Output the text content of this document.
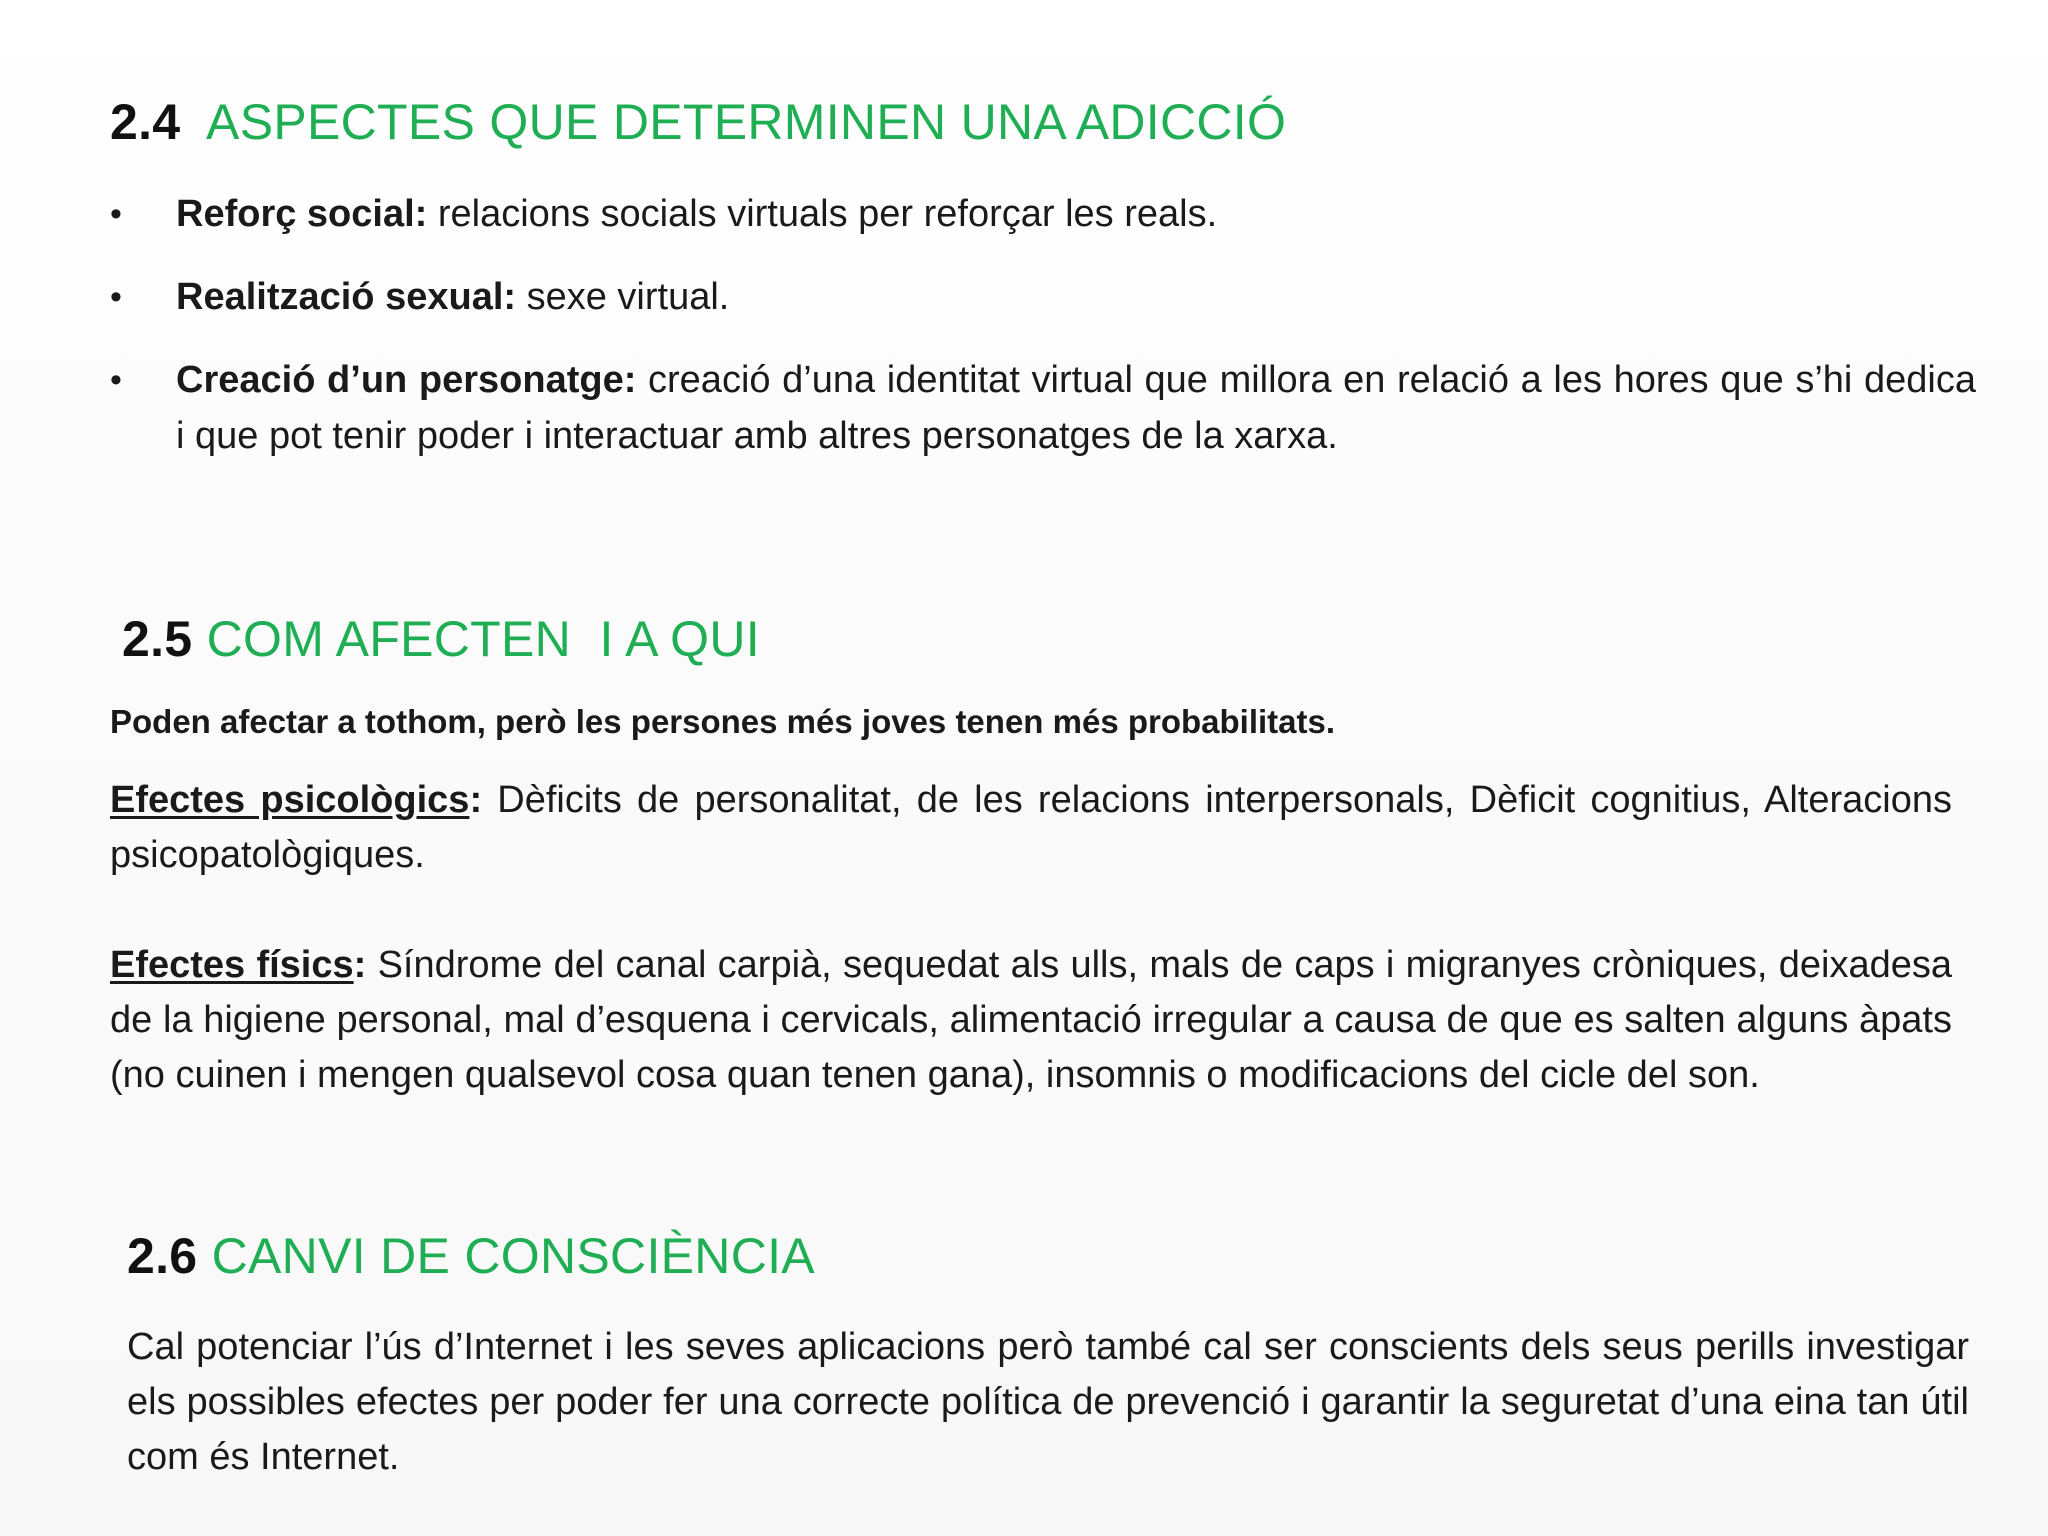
2.4 ASPECTES QUE DETERMINEN UNA ADICCIÓ
• Reforç social: relacions socials virtuals per reforçar les reals.
• Realització sexual: sexe virtual.
• Creació d’un personatge: creació d’una identitat virtual que millora en relació a les hores que s’hi dedica i que pot tenir poder i interactuar amb altres personatges de la xarxa.
2.5 COM AFECTEN  I A QUI
Poden afectar a tothom, però les persones més joves tenen més probabilitats.

Efectes psicològics: Dèficits de personalitat, de les relacions interpersonals, Dèficit cognitius, Alteracions psicopatològiques.

Efectes físics: Síndrome del canal carpià, sequedat als ulls, mals de caps i migranyes cròniques, deixadesa de la higiene personal, mal d’esquena i cervicals, alimentació irregular a causa de que es salten alguns àpats (no cuinen i mengen qualsevol cosa quan tenen gana), insomnis o modificacions del cicle del son.

2.6 CANVI DE CONSCIÈNCIA

Cal potenciar l’ús d’Internet i les seves aplicacions però també cal ser conscients dels seus perills investigar els possibles efectes per poder fer una correcte política de prevenció i garantir la seguretat d’una eina tan útil com és Internet.
